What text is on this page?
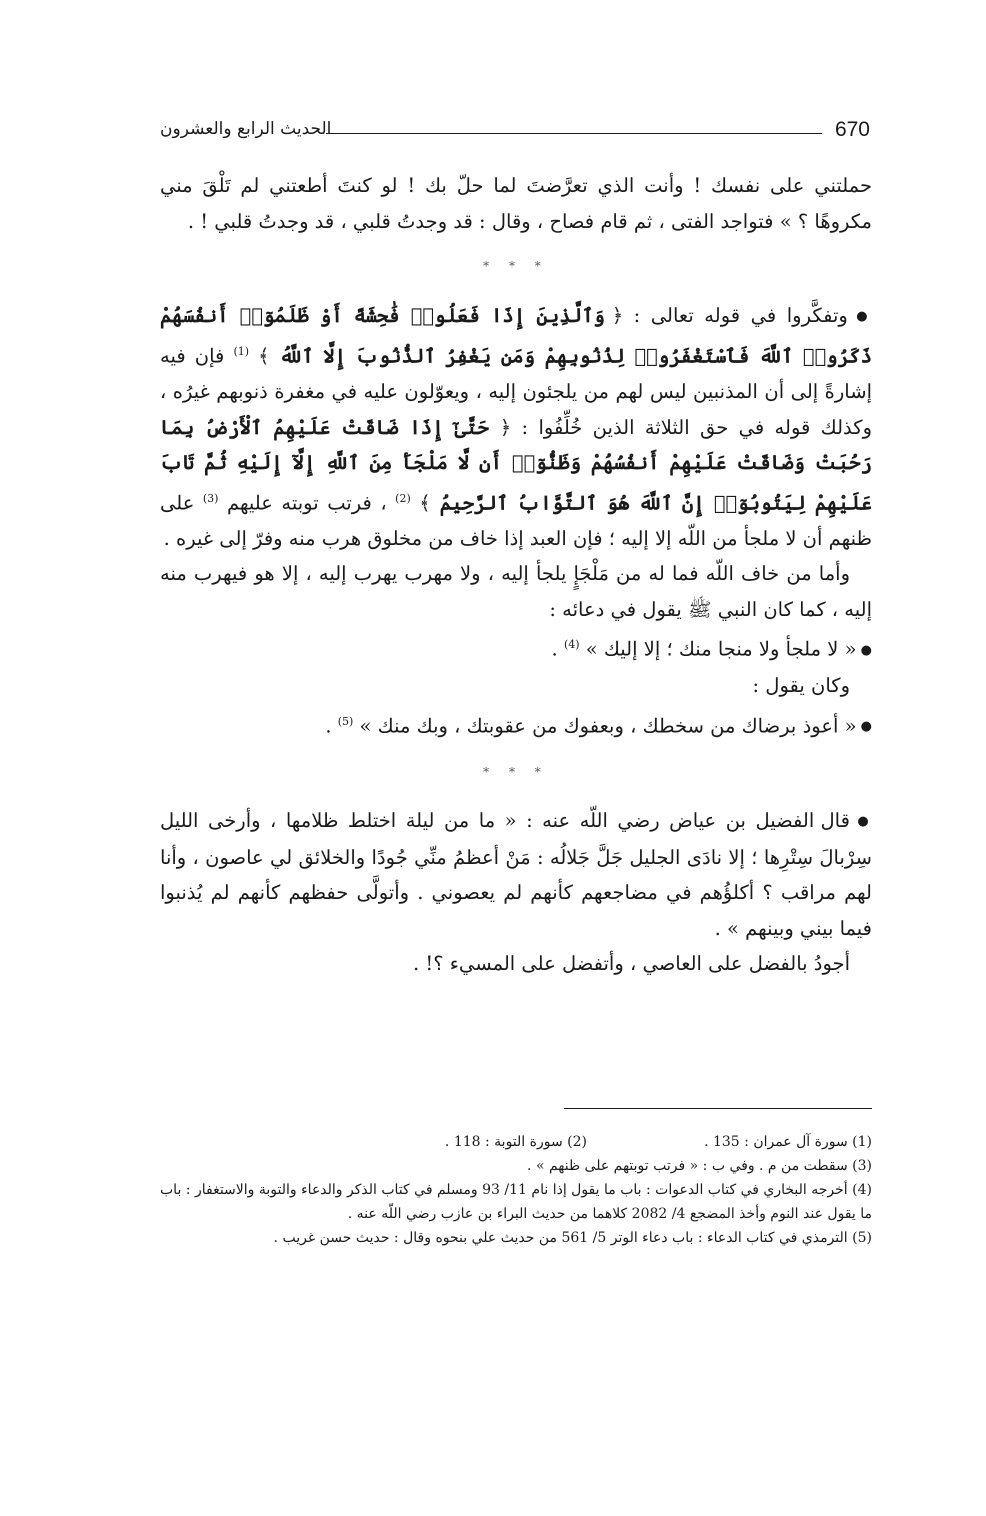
670
الحديث الرابع والعشرون

حملتني على نفسك ! وأنت الذي تعرَّضتَ لما حلّ بك ! لو كنتَ أطعتني لم تَلْقَ مني مكروهًا ؟ » فتواجد الفتى ، ثم قام فصاح ، وقال : قد وجدتُ قلبي ، قد وجدتُ قلبي ! .

* * *

● وتفكَّروا في قوله تعالى : ﴿ وَٱلَّذِينَ إِذَا فَعَلُوا۟ فَٰحِشَةً أَوْ ظَلَمُوٓا۟ أَنفُسَهُمْ ذَكَرُوا۟ ٱللَّهَ فَٱسْتَغْفَرُوا۟ لِذُنُوبِهِمْ وَمَن يَغْفِرُ ٱلذُّنُوبَ إِلَّا ٱللَّهُ ﴾ $^{(1)}$ فإن فيه إشارةً إلى أن المذنبين ليس لهم من يلجئون إليه ، ويعوّلون عليه في مغفرة ذنوبهم غيرُه ، وكذلك قوله في حق الثلاثة الذين خُلِّفُوا : ﴿ حَتَّىٰٓ إِذَا ضَاقَتْ عَلَيْهِمُ ٱلْأَرْضُ بِمَا رَحُبَتْ وَضَاقَتْ عَلَيْهِمْ أَنفُسُهُمْ وَظَنُّوٓا۟ أَن لَّا مَلْجَأَ مِنَ ٱللَّهِ إِلَّآ إِلَيْهِ ثُمَّ تَابَ عَلَيْهِمْ لِيَتُوبُوٓا۟ إِنَّ ٱللَّهَ هُوَ ٱلتَّوَّابُ ٱلرَّحِيمُ ﴾ $^{(2)}$ ، فرتب توبته عليهم $^{(3)}$ على ظنهم أن لا ملجأ من اللّه إلا إليه ؛ فإن العبد إذا خاف من مخلوق هرب منه وفرّ إلى غيره .

وأما من خاف اللّه فما له من مَلْجَإٍ يلجأ إليه ، ولا مهرب يهرب إليه ، إلا هو فيهرب منه إليه ، كما كان النبي ﷺ يقول في دعائه :

● « لا ملجأ ولا منجا منك ؛ إلا إليك » $^{(4)}$ .

وكان يقول :

● « أعوذ برضاك من سخطك ، وبعفوك من عقوبتك ، وبك منك » $^{(5)}$ .

* * *

● قال الفضيل بن عياض رضي اللّه عنه : « ما من ليلة اختلط ظلامها ، وأرخى الليل سِرْبالَ سِتْرِها ؛ إلا نادَى الجليل جَلَّ جَلالُه : مَنْ أعظمُ منِّي جُودًا والخلائق لي عاصون ، وأنا لهم مراقب ؟ أكلؤُهم في مضاجعهم كأنهم لم يعصوني . وأتولَّى حفظهم كأنهم لم يُذنبوا فيما بيني وبينهم » .

أجودُ بالفضل على العاصي ، وأتفضل على المسيء ؟! .

(1) سورة آل عمران : 135 .(2) سورة التوبة : 118 .

(3) سقطت من م . وفي ب : « فرتب توبتهم على ظنهم » .

(4) أخرجه البخاري في كتاب الدعوات : باب ما يقول إذا نام 11/ 93 ومسلم في كتاب الذكر والدعاء والتوبة والاستغفار : باب ما يقول عند النوم وأخذ المضجع 4/ 2082 كلاهما من حديث البراء بن عازب رضي اللّه عنه .

(5) الترمذي في كتاب الدعاء : باب دعاء الوتر 5/ 561 من حديث علي بنحوه وقال : حديث حسن غريب .
